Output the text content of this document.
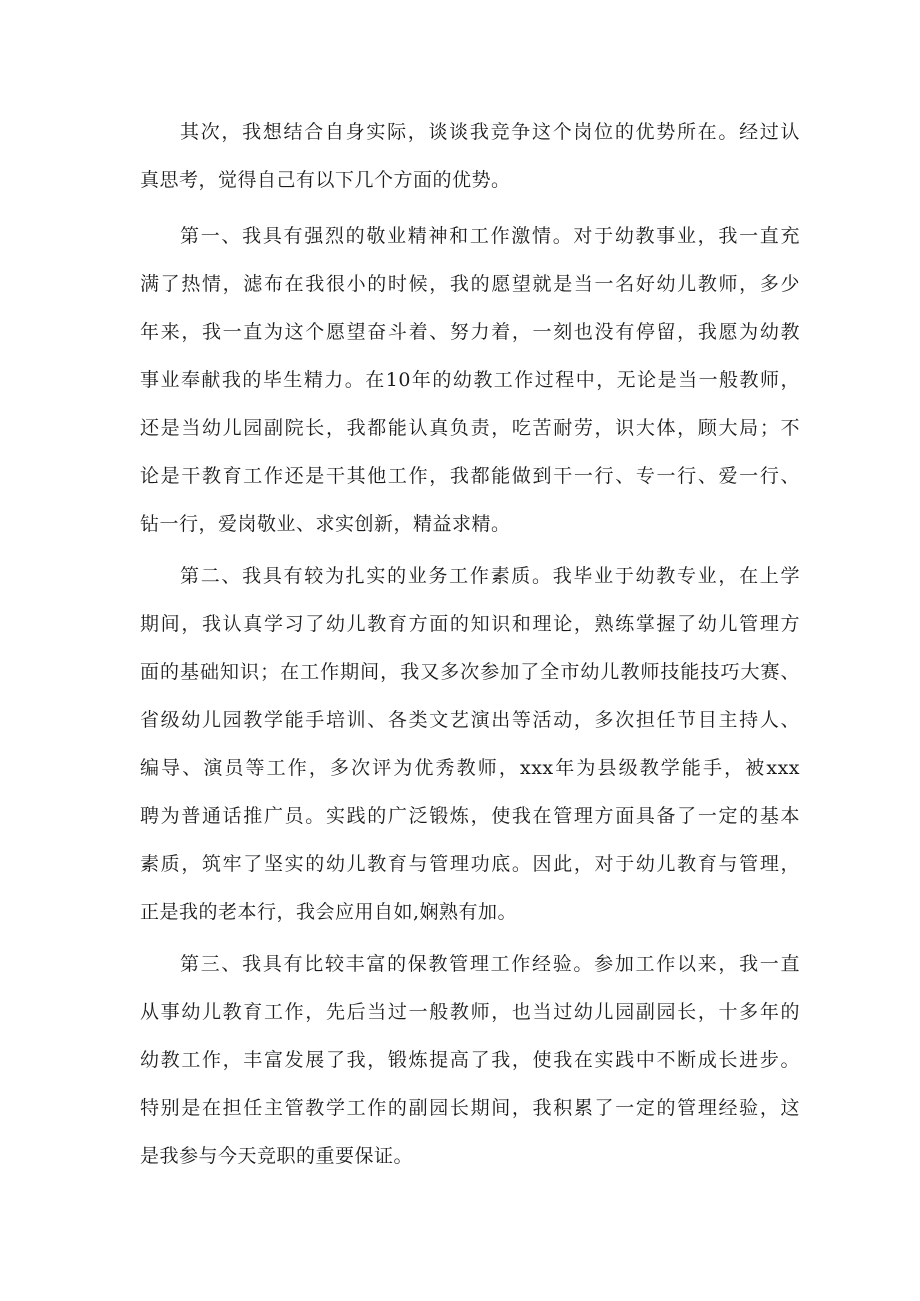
其次，我想结合自身实际，谈谈我竞争这个岗位的优势所在。经过认
真思考，觉得自己有以下几个方面的优势。
第一、我具有强烈的敬业精神和工作激情。对于幼教事业，我一直充
满了热情，滤布在我很小的时候，我的愿望就是当一名好幼儿教师，多少
年来，我一直为这个愿望奋斗着、努力着，一刻也没有停留，我愿为幼教
事业奉献我的毕生精力。在10年的幼教工作过程中，无论是当一般教师，
还是当幼儿园副院长，我都能认真负责，吃苦耐劳，识大体，顾大局；不
论是干教育工作还是干其他工作，我都能做到干一行、专一行、爱一行、
钻一行，爱岗敬业、求实创新，精益求精。
第二、我具有较为扎实的业务工作素质。我毕业于幼教专业，在上学
期间，我认真学习了幼儿教育方面的知识和理论，熟练掌握了幼儿管理方
面的基础知识；在工作期间，我又多次参加了全市幼儿教师技能技巧大赛、
省级幼儿园教学能手培训、各类文艺演出等活动，多次担任节目主持人、
编导、演员等工作，多次评为优秀教师，xxx年为县级教学能手，被xxx
聘为普通话推广员。实践的广泛锻炼，使我在管理方面具备了一定的基本
素质，筑牢了坚实的幼儿教育与管理功底。因此，对于幼儿教育与管理，
正是我的老本行，我会应用自如,娴熟有加。
第三、我具有比较丰富的保教管理工作经验。参加工作以来，我一直
从事幼儿教育工作，先后当过一般教师，也当过幼儿园副园长，十多年的
幼教工作，丰富发展了我，锻炼提高了我，使我在实践中不断成长进步。
特别是在担任主管教学工作的副园长期间，我积累了一定的管理经验，这
是我参与今天竞职的重要保证。
